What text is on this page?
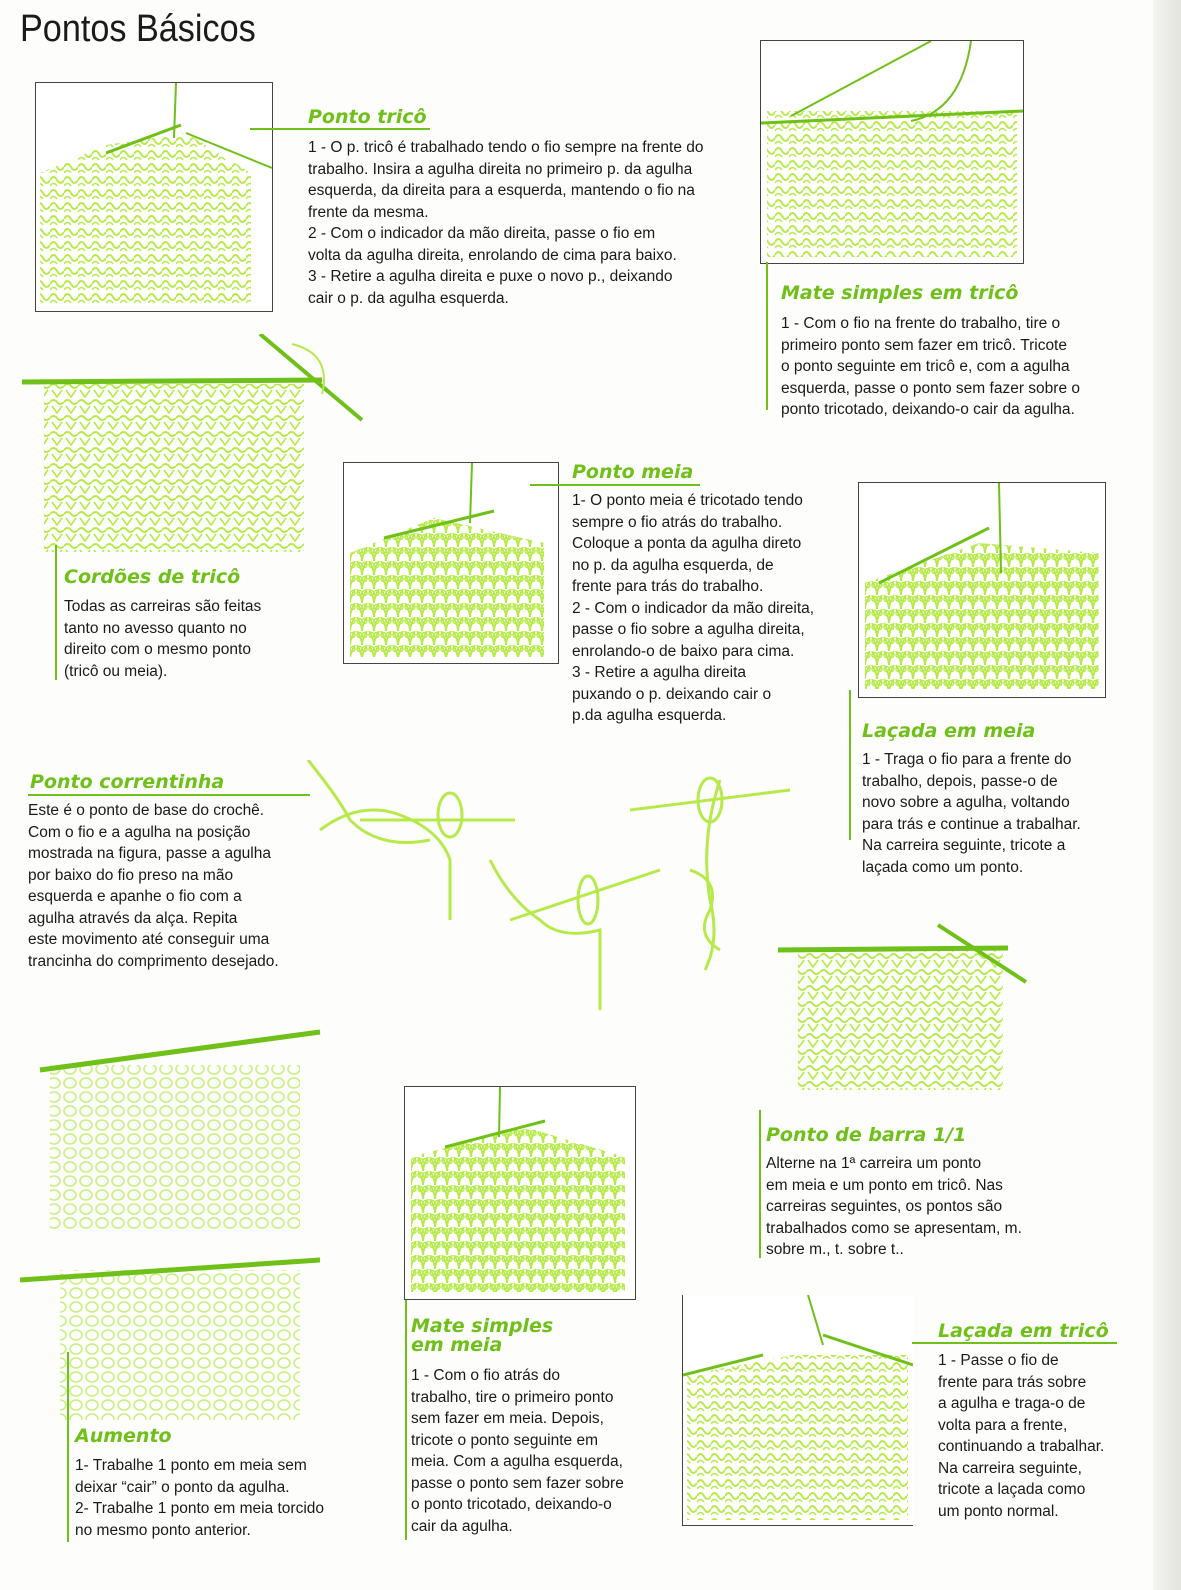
Pontos Básicos
Ponto tricô

1 - O p. tricô é trabalhado tendo o fio sempre na frente do

trabalho. Insira a agulha direita no primeiro p. da agulha

esquerda, da direita para a esquerda, mantendo o fio na

frente da mesma.

2 - Com o indicador da mão direita, passe o fio em

volta da agulha direita, enrolando de cima para baixo.

3 - Retire a agulha direita e puxe o novo p., deixando

cair o p. da agulha esquerda.	Mate simples em tricô

1 - Com o fio na frente do trabalho, tire o

primeiro ponto sem fazer em tricô. Tricote

o ponto seguinte em tricô e, com a agulha

esquerda, passe o ponto sem fazer sobre o

ponto tricotado, deixando-o cair da agulha.

Cordões de tricô

Todas as carreiras são feitas

tanto no avesso quanto no

direito com o mesmo ponto

(tricô ou meia).

Ponto meia

1- O ponto meia é tricotado tendo

sempre o fio atrás do trabalho.

Coloque a ponta da agulha direto

no p. da agulha esquerda, de

frente para trás do trabalho.

2 - Com o indicador da mão direita,

passe o fio sobre a agulha direita,

enrolando-o de baixo para cima.

3 - Retire a agulha direita

puxando o p. deixando cair o

p.da agulha esquerda.

Laçada em meia

1 - Traga o fio para a frente do

trabalho, depois, passe-o de

novo sobre a agulha, voltando

para trás e continue a trabalhar.

Na carreira seguinte, tricote a

laçada como um ponto.

Ponto correntinha

Este é o ponto de base do crochê.

Com o fio e a agulha na posição

mostrada na figura, passe a agulha

por baixo do fio preso na mão

esquerda e apanhe o fio com a

agulha através da alça. Repita

este movimento até conseguir uma

trancinha do comprimento desejado.

Ponto de barra 1/1

Alterne na 1ª carreira um ponto

em meia e um ponto em tricô. Nas

carreiras seguintes, os pontos são

trabalhados como se apresentam, m.

sobre m., t. sobre t..

Aumento

1- Trabalhe 1 ponto em meia sem

deixar “cair” o ponto da agulha.

2- Trabalhe 1 ponto em meia torcido

no mesmo ponto anterior.

Mate simples
em meia

1 - Com o fio atrás do

trabalho, tire o primeiro ponto

sem fazer em meia. Depois,

tricote o ponto seguinte em

meia. Com a agulha esquerda,

passe o ponto sem fazer sobre

o ponto tricotado, deixando-o

cair da agulha.

Laçada em tricô

1 - Passe o fio de

frente para trás sobre

a agulha e traga-o de

volta para a frente,

continuando a trabalhar.

Na carreira seguinte,

tricote a laçada como

um ponto normal.
